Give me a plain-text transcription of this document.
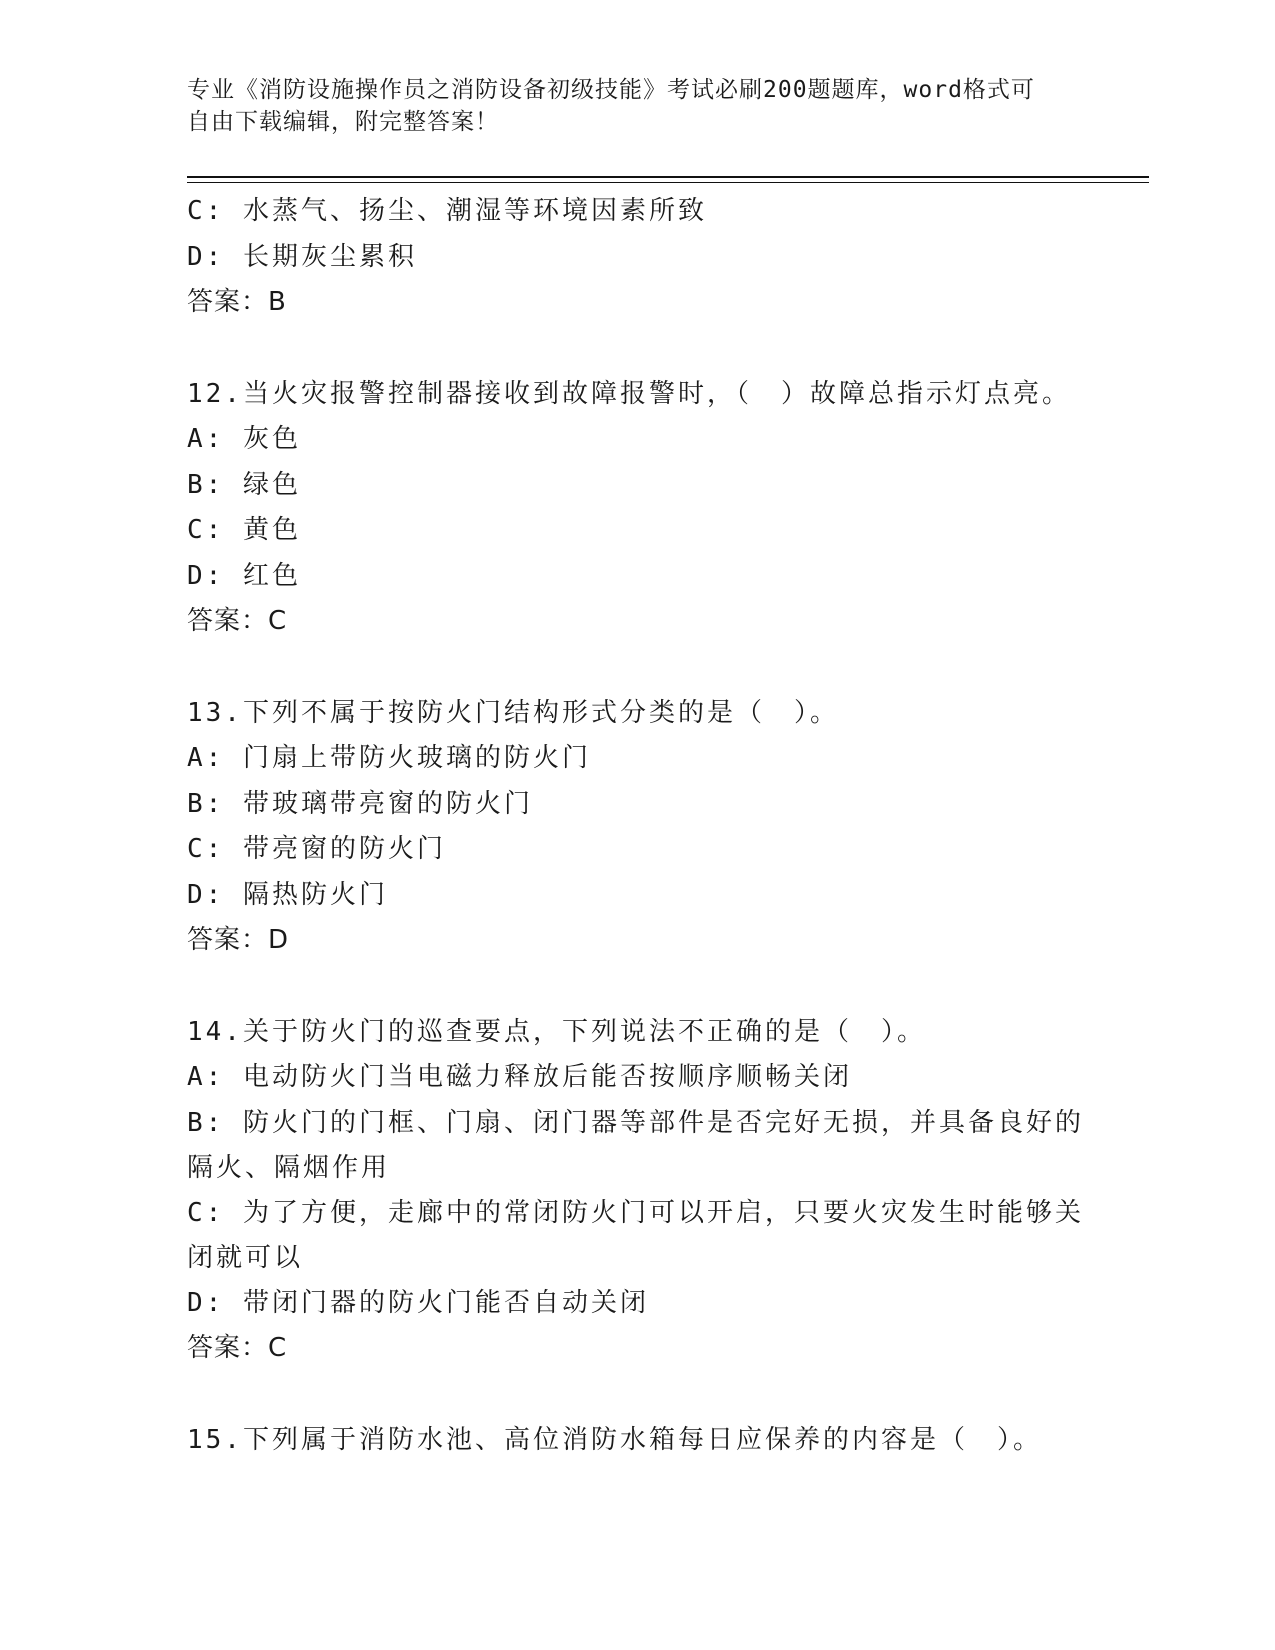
专业《消防设施操作员之消防设备初级技能》考试必刷200题题库，word格式可
自由下载编辑，附完整答案！
C: 水蒸气、扬尘、潮湿等环境因素所致
D: 长期灰尘累积
答案：B
12.当火灾报警控制器接收到故障报警时，（　）故障总指示灯点亮。
A: 灰色
B: 绿色
C: 黄色
D: 红色
答案：C
13.下列不属于按防火门结构形式分类的是（　）。
A: 门扇上带防火玻璃的防火门
B: 带玻璃带亮窗的防火门
C: 带亮窗的防火门
D: 隔热防火门
答案：D
14.关于防火门的巡查要点，下列说法不正确的是（　）。
A: 电动防火门当电磁力释放后能否按顺序顺畅关闭
B: 防火门的门框、门扇、闭门器等部件是否完好无损，并具备良好的
隔火、隔烟作用
C: 为了方便，走廊中的常闭防火门可以开启，只要火灾发生时能够关
闭就可以
D: 带闭门器的防火门能否自动关闭
答案：C
15.下列属于消防水池、高位消防水箱每日应保养的内容是（　）。
